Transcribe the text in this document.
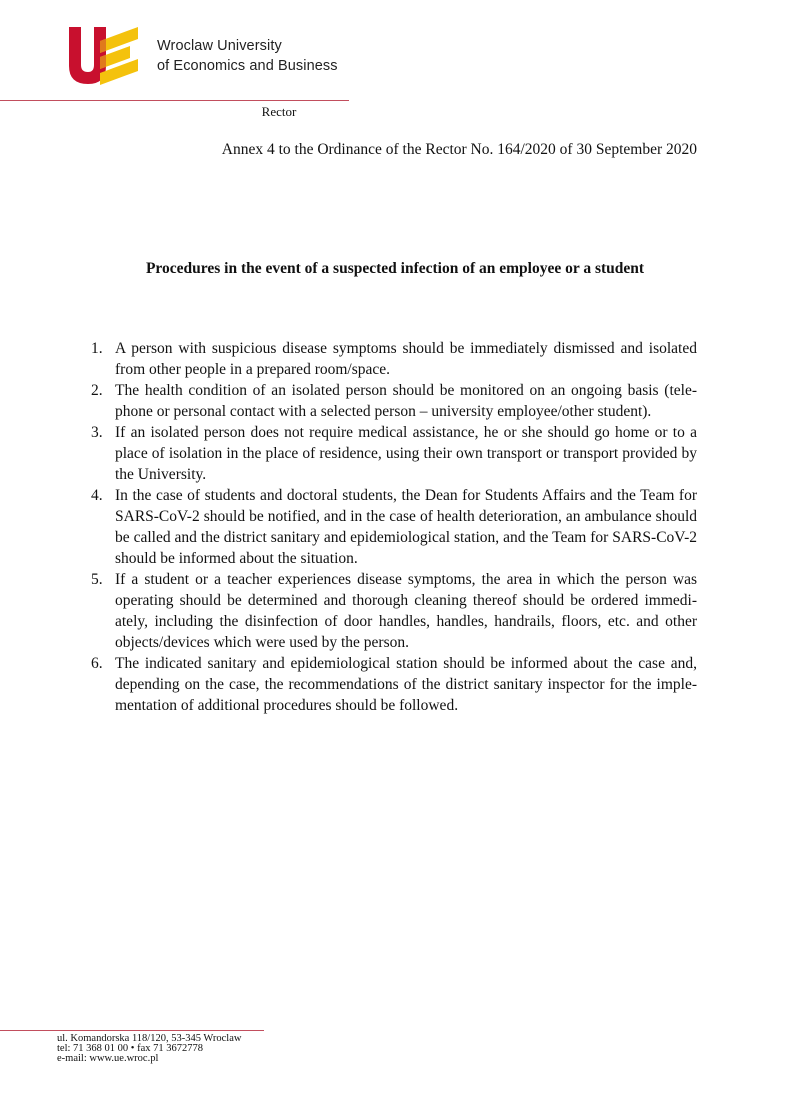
Wroclaw University
of Economics and Business
Rector
Annex 4 to the Ordinance of the Rector No. 164/2020 of 30 September 2020
Procedures in the event of a suspected infection of an employee or a student
1. A person with suspicious disease symptoms should be immediately dismissed and isolated from other people in a prepared room/space.
2. The health condition of an isolated person should be monitored on an ongoing basis (telephone or personal contact with a selected person – university employee/other student).
3. If an isolated person does not require medical assistance, he or she should go home or to a place of isolation in the place of residence, using their own transport or transport provided by the University.
4. In the case of students and doctoral students, the Dean for Students Affairs and the Team for SARS-CoV-2 should be notified, and in the case of health deterioration, an ambulance should be called and the district sanitary and epidemiological station, and the Team for SARS-CoV-2 should be informed about the situation.
5. If a student or a teacher experiences disease symptoms, the area in which the person was operating should be determined and thorough cleaning thereof should be ordered immediately, including the disinfection of door handles, handles, handrails, floors, etc. and other objects/devices which were used by the person.
6. The indicated sanitary and epidemiological station should be informed about the case and, depending on the case, the recommendations of the district sanitary inspector for the implementation of additional procedures should be followed.
ul. Komandorska 118/120, 53-345 Wroclaw
tel: 71 368 01 00 • fax 71 3672778
e-mail: www.ue.wroc.pl
